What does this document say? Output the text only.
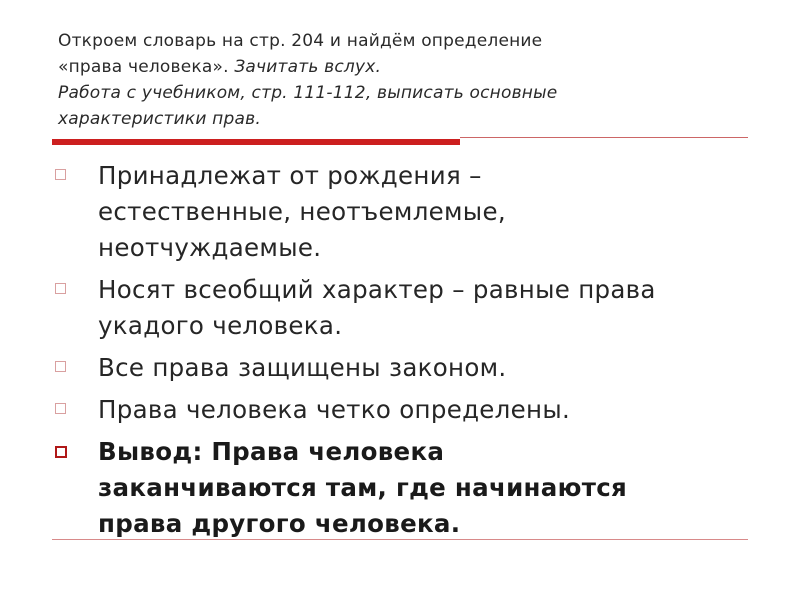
Откроем словарь на стр. 204 и найдём определение
«права человека». Зачитать вслух.
Работа с учебником, стр. 111-112, выписать основные
характеристики прав.
Принадлежат от рождения –
естественные, неотъемлемые,
неотчуждаемые.
Носят всеобщий характер – равные права
укадого человека.
Все права защищены законом.
Права человека четко определены.
Вывод: Права человека
заканчиваются там, где начинаются
права другого человека.
